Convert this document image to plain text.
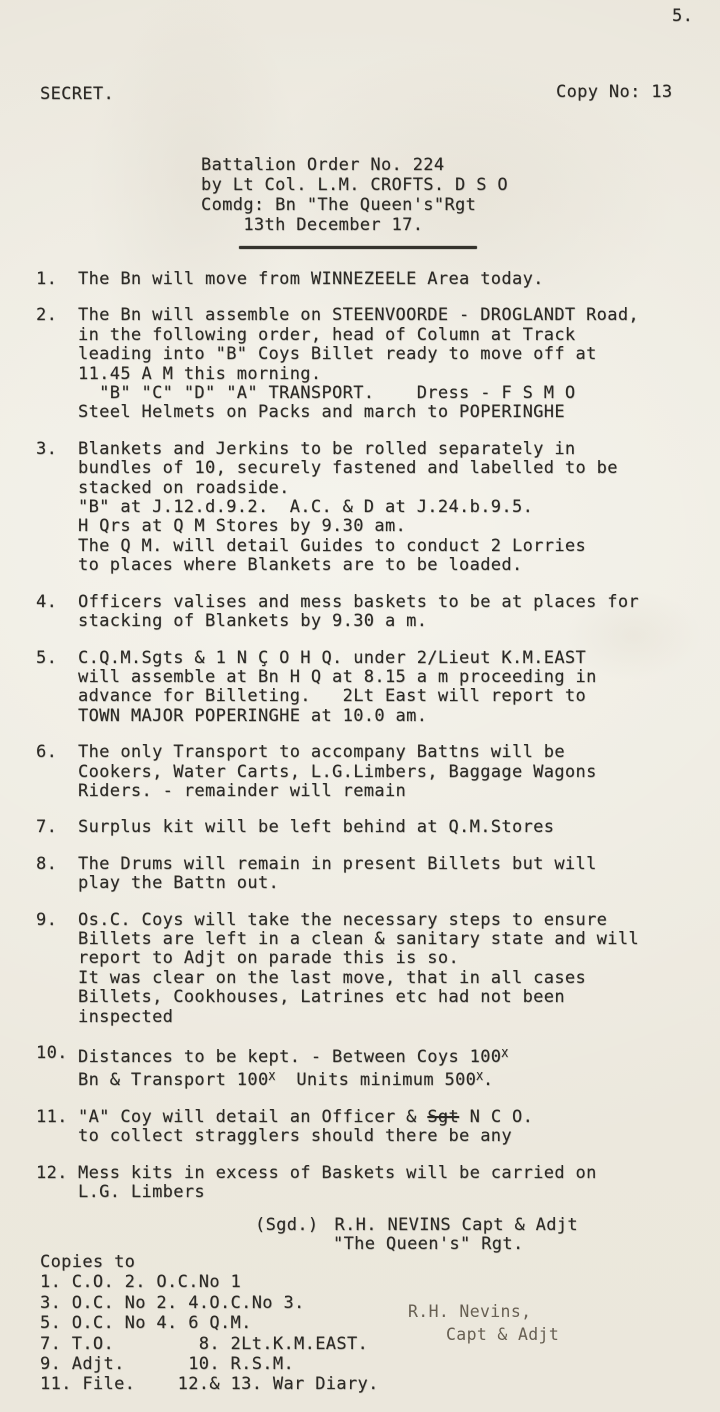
5.
SECRET.	Copy No: 13
Battalion Order No. 224
by Lt Col. L.M. CROFTS. D S O
Comdg: Bn "The Queen's"Rgt
13th December 17.
1.	The Bn will move from WINNEZEELE Area today.
2.	The Bn will assemble on STEENVOORDE - DROGLANDT Road,
in the following order, head of Column at Track
leading into "B" Coys Billet ready to move off at
11.45 A M this morning.
"B" "C" "D" "A" TRANSPORT.    Dress - F S M O
Steel Helmets on Packs and march to POPERINGHE
3.	Blankets and Jerkins to be rolled separately in
bundles of 10, securely fastened and labelled to be
stacked on roadside.
"B" at J.12.d.9.2.  A.C. & D at J.24.b.9.5.
H Qrs at Q M Stores by 9.30 am.
The Q M. will detail Guides to conduct 2 Lorries
to places where Blankets are to be loaded.
4.	Officers valises and mess baskets to be at places for
stacking of Blankets by 9.30 a m.
5.	C.Q.M.Sgts & 1 N Ç O H Q. under 2/Lieut K.M.EAST
will assemble at Bn H Q at 8.15 a m proceeding in
advance for Billeting.   2Lt East will report to
TOWN MAJOR POPERINGHE at 10.0 am.
6.	The only Transport to accompany Battns will be
Cookers, Water Carts, L.G.Limbers, Baggage Wagons
Riders. - remainder will remain
7.	Surplus kit will be left behind at Q.M.Stores
8.	The Drums will remain in present Billets but will
play the Battn out.
9.	Os.C. Coys will take the necessary steps to ensure
Billets are left in a clean & sanitary state and will
report to Adjt on parade this is so.
It was clear on the last move, that in all cases
Billets, Cookhouses, Latrines etc had not been
inspected
10. Distances to be kept. - Between Coys $100^X$
Bn & Transport $100^X$  Units minimum $500^X$.
11. "A" Coy will detail an Officer & Sgt N C O.
to collect stragglers should there be any
12. Mess kits in excess of Baskets will be carried on
L.G. Limbers
(Sgd.) R.H. NEVINS Capt & Adjt
"The Queen's" Rgt.
Copies to
1. C.O. 2. O.C.No 1
3. O.C. No 2. 4.O.C.No 3.
5. O.C. No 4. 6 Q.M.
7. T.O.        8. 2Lt.K.M.EAST.
9. Adjt.      10. R.S.M.
11. File.    12.& 13. War Diary.
R.H. Nevins,
Capt & Adjt
